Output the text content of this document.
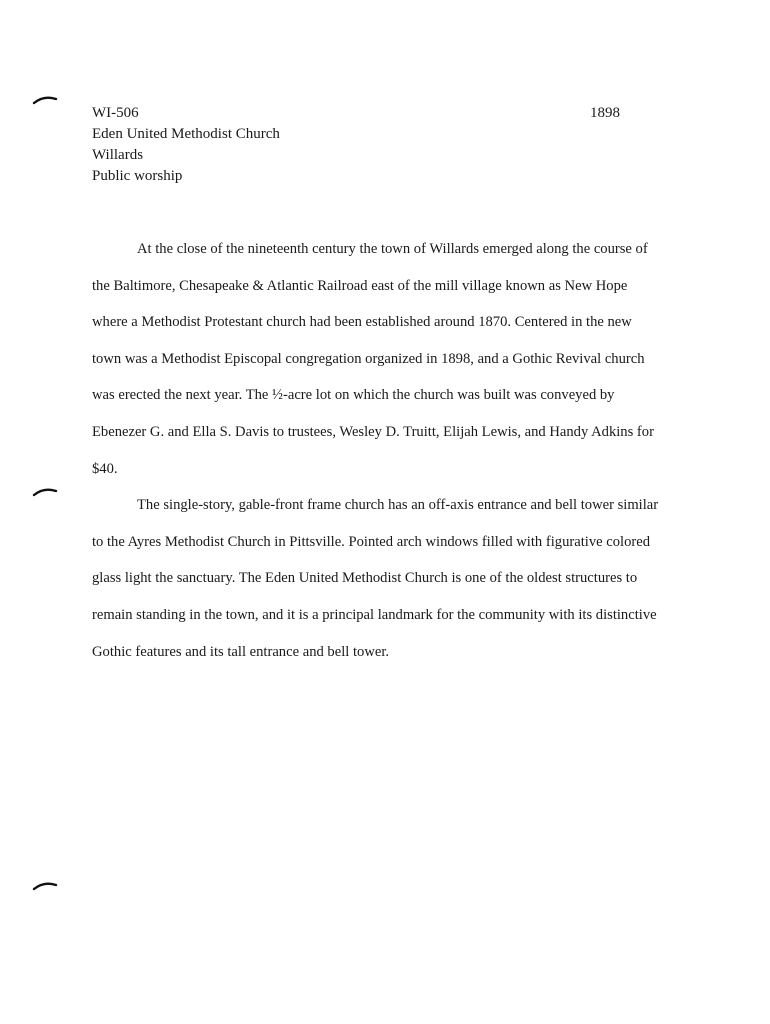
WI-506
Eden United Methodist Church
Willards
Public worship
1898
At the close of the nineteenth century the town of Willards emerged along the course of
the Baltimore, Chesapeake & Atlantic Railroad east of the mill village known as New Hope
where a Methodist Protestant church had been established around 1870. Centered in the new
town was a Methodist Episcopal congregation organized in 1898, and a Gothic Revival church
was erected the next year. The ½-acre lot on which the church was built was conveyed by
Ebenezer G. and Ella S. Davis to trustees, Wesley D. Truitt, Elijah Lewis, and Handy Adkins for
$40.
The single-story, gable-front frame church has an off-axis entrance and bell tower similar
to the Ayres Methodist Church in Pittsville. Pointed arch windows filled with figurative colored
glass light the sanctuary. The Eden United Methodist Church is one of the oldest structures to
remain standing in the town, and it is a principal landmark for the community with its distinctive
Gothic features and its tall entrance and bell tower.
